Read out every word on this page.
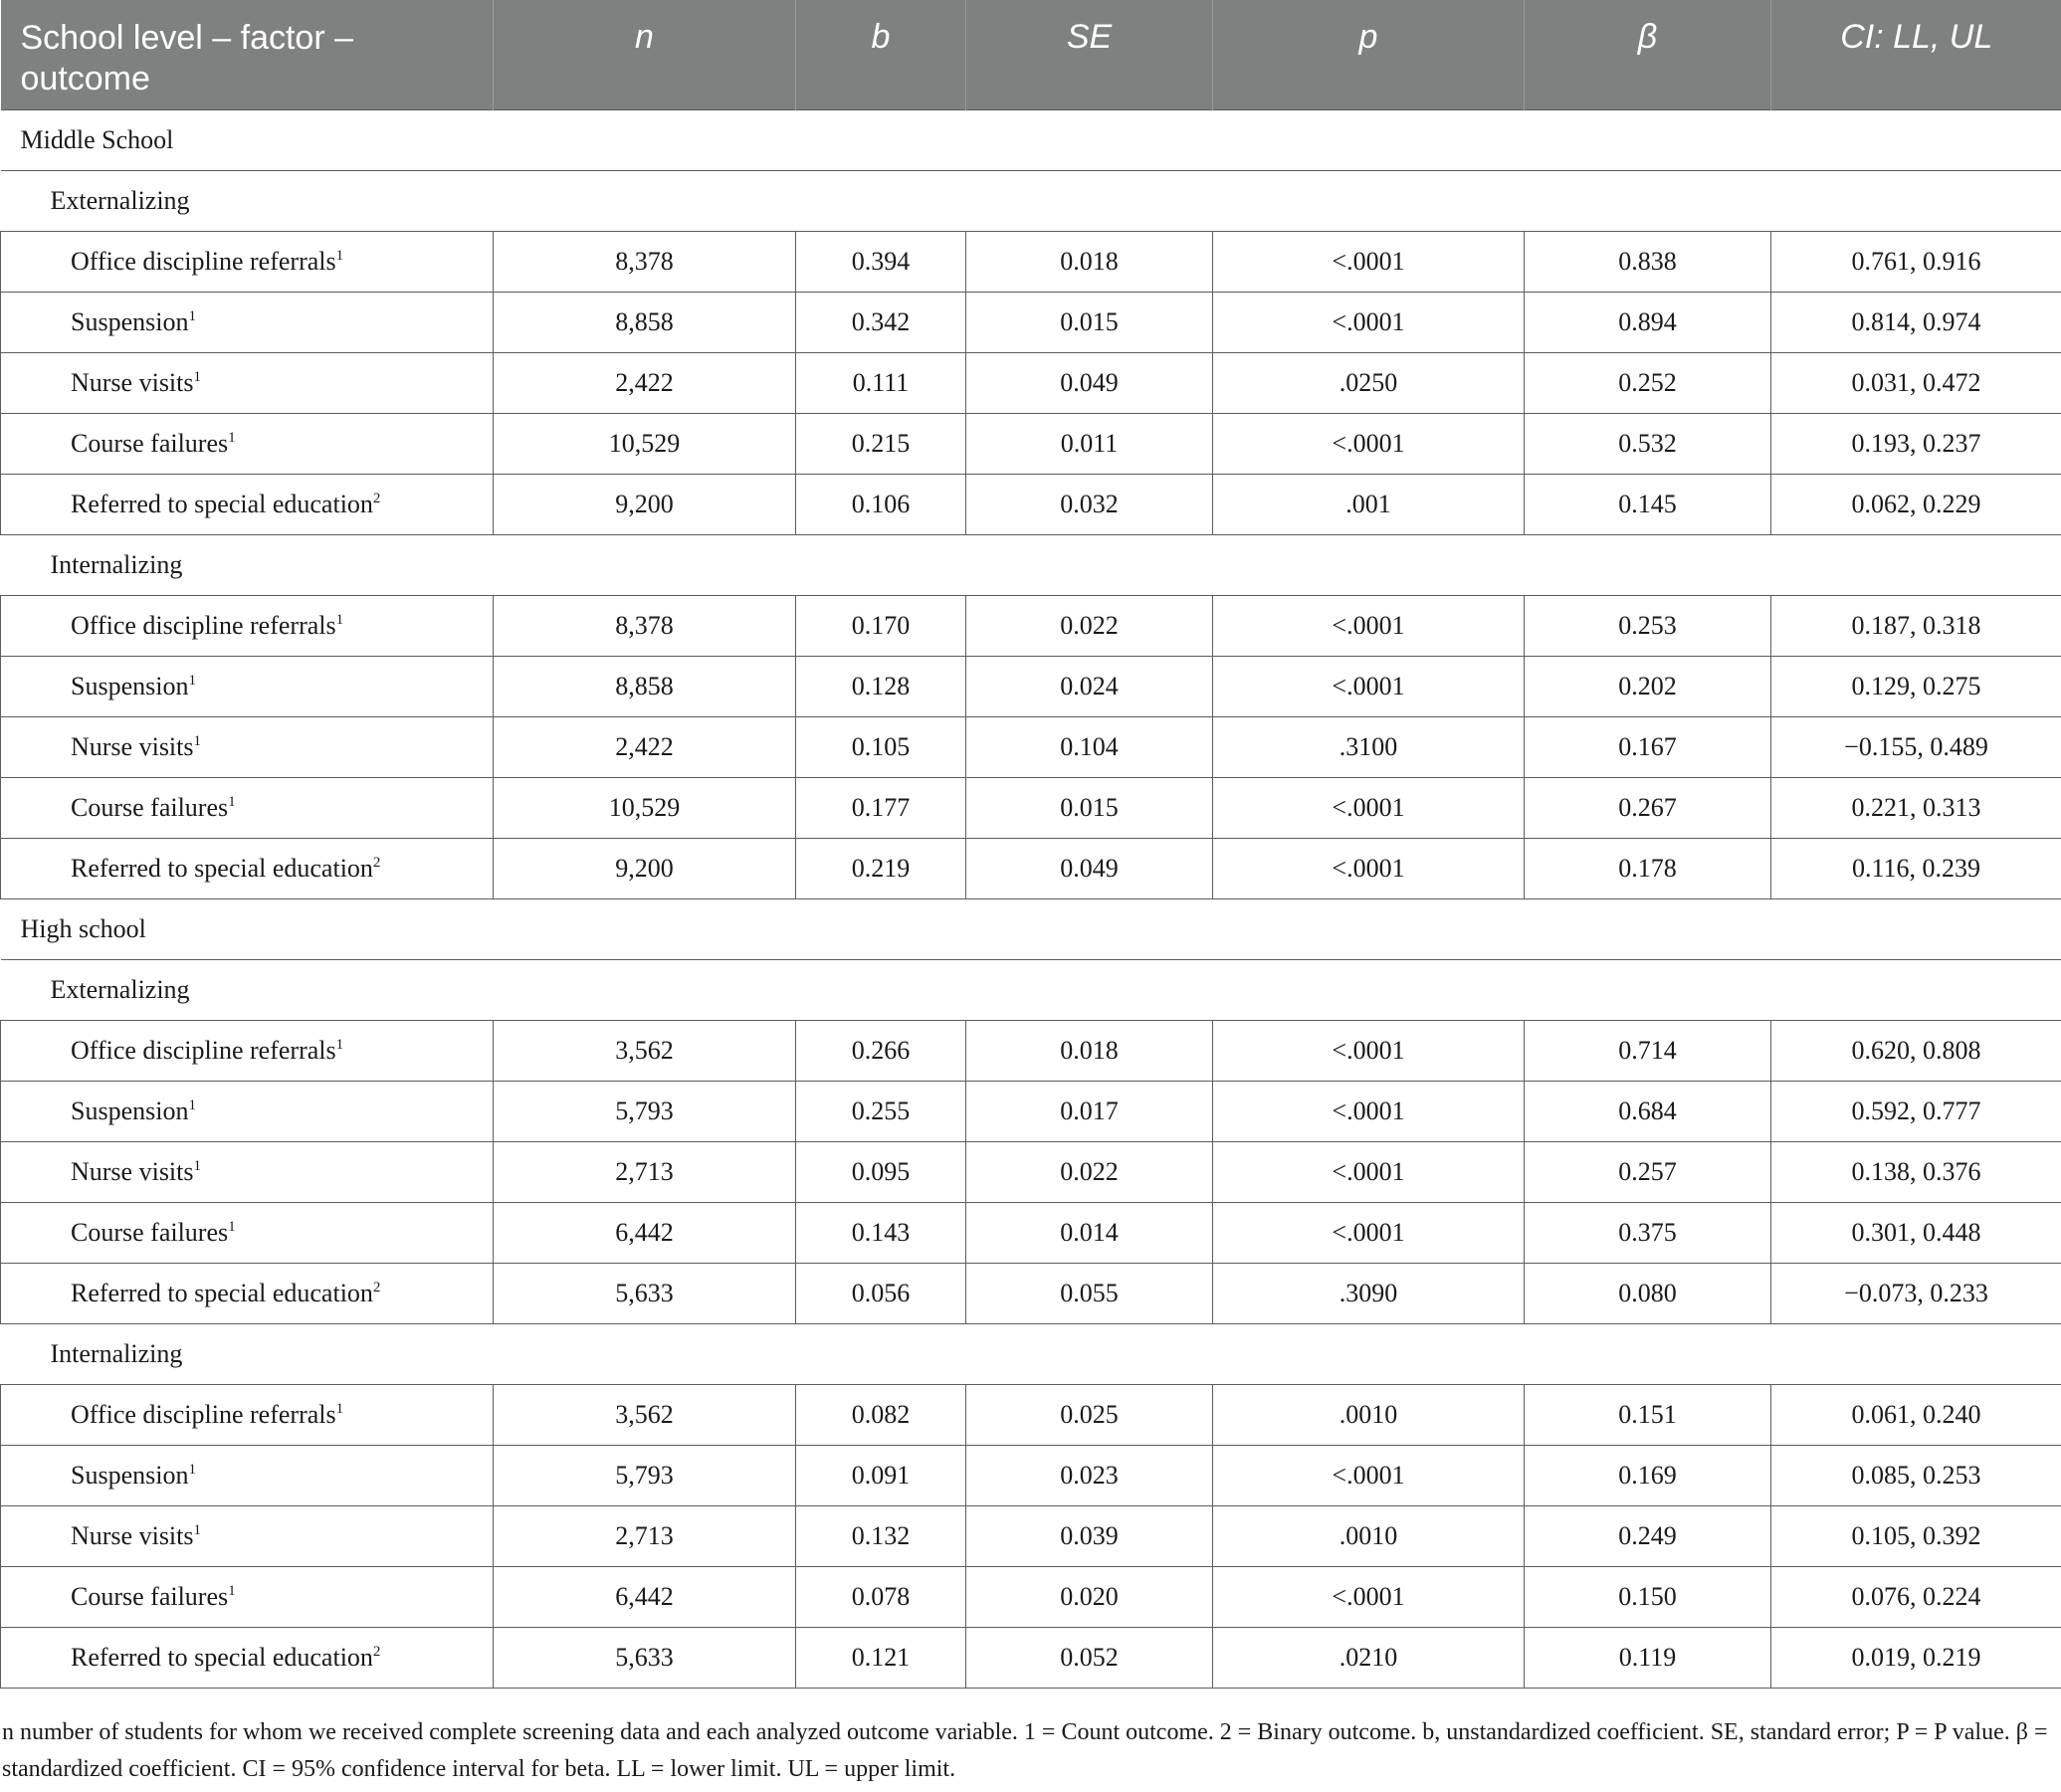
School level – factor – outcome	n	b	SE	p	β	CI: LL, UL
Middle School						
Externalizing						
Office discipline referrals$^1$	8,378	0.394	0.018	<.0001	0.838	0.761, 0.916
Suspension$^1$	8,858	0.342	0.015	<.0001	0.894	0.814, 0.974
Nurse visits$^1$	2,422	0.111	0.049	.0250	0.252	0.031, 0.472
Course failures$^1$	10,529	0.215	0.011	<.0001	0.532	0.193, 0.237
Referred to special education$^2$	9,200	0.106	0.032	.001	0.145	0.062, 0.229
Internalizing						
Office discipline referrals$^1$	8,378	0.170	0.022	<.0001	0.253	0.187, 0.318
Suspension$^1$	8,858	0.128	0.024	<.0001	0.202	0.129, 0.275
Nurse visits$^1$	2,422	0.105	0.104	.3100	0.167	−0.155, 0.489
Course failures$^1$	10,529	0.177	0.015	<.0001	0.267	0.221, 0.313
Referred to special education$^2$	9,200	0.219	0.049	<.0001	0.178	0.116, 0.239
High school						
Externalizing						
Office discipline referrals$^1$	3,562	0.266	0.018	<.0001	0.714	0.620, 0.808
Suspension$^1$	5,793	0.255	0.017	<.0001	0.684	0.592, 0.777
Nurse visits$^1$	2,713	0.095	0.022	<.0001	0.257	0.138, 0.376
Course failures$^1$	6,442	0.143	0.014	<.0001	0.375	0.301, 0.448
Referred to special education$^2$	5,633	0.056	0.055	.3090	0.080	−0.073, 0.233
Internalizing						
Office discipline referrals$^1$	3,562	0.082	0.025	.0010	0.151	0.061, 0.240
Suspension$^1$	5,793	0.091	0.023	<.0001	0.169	0.085, 0.253
Nurse visits$^1$	2,713	0.132	0.039	.0010	0.249	0.105, 0.392
Course failures$^1$	6,442	0.078	0.020	<.0001	0.150	0.076, 0.224
Referred to special education$^2$	5,633	0.121	0.052	.0210	0.119	0.019, 0.219
n number of students for whom we received complete screening data and each analyzed outcome variable. 1 = Count outcome. 2 = Binary outcome. b, unstandardized coefficient. SE, standard error; P = P value. β = standardized coefficient. CI = 95% confidence interval for beta. LL = lower limit. UL = upper limit.
